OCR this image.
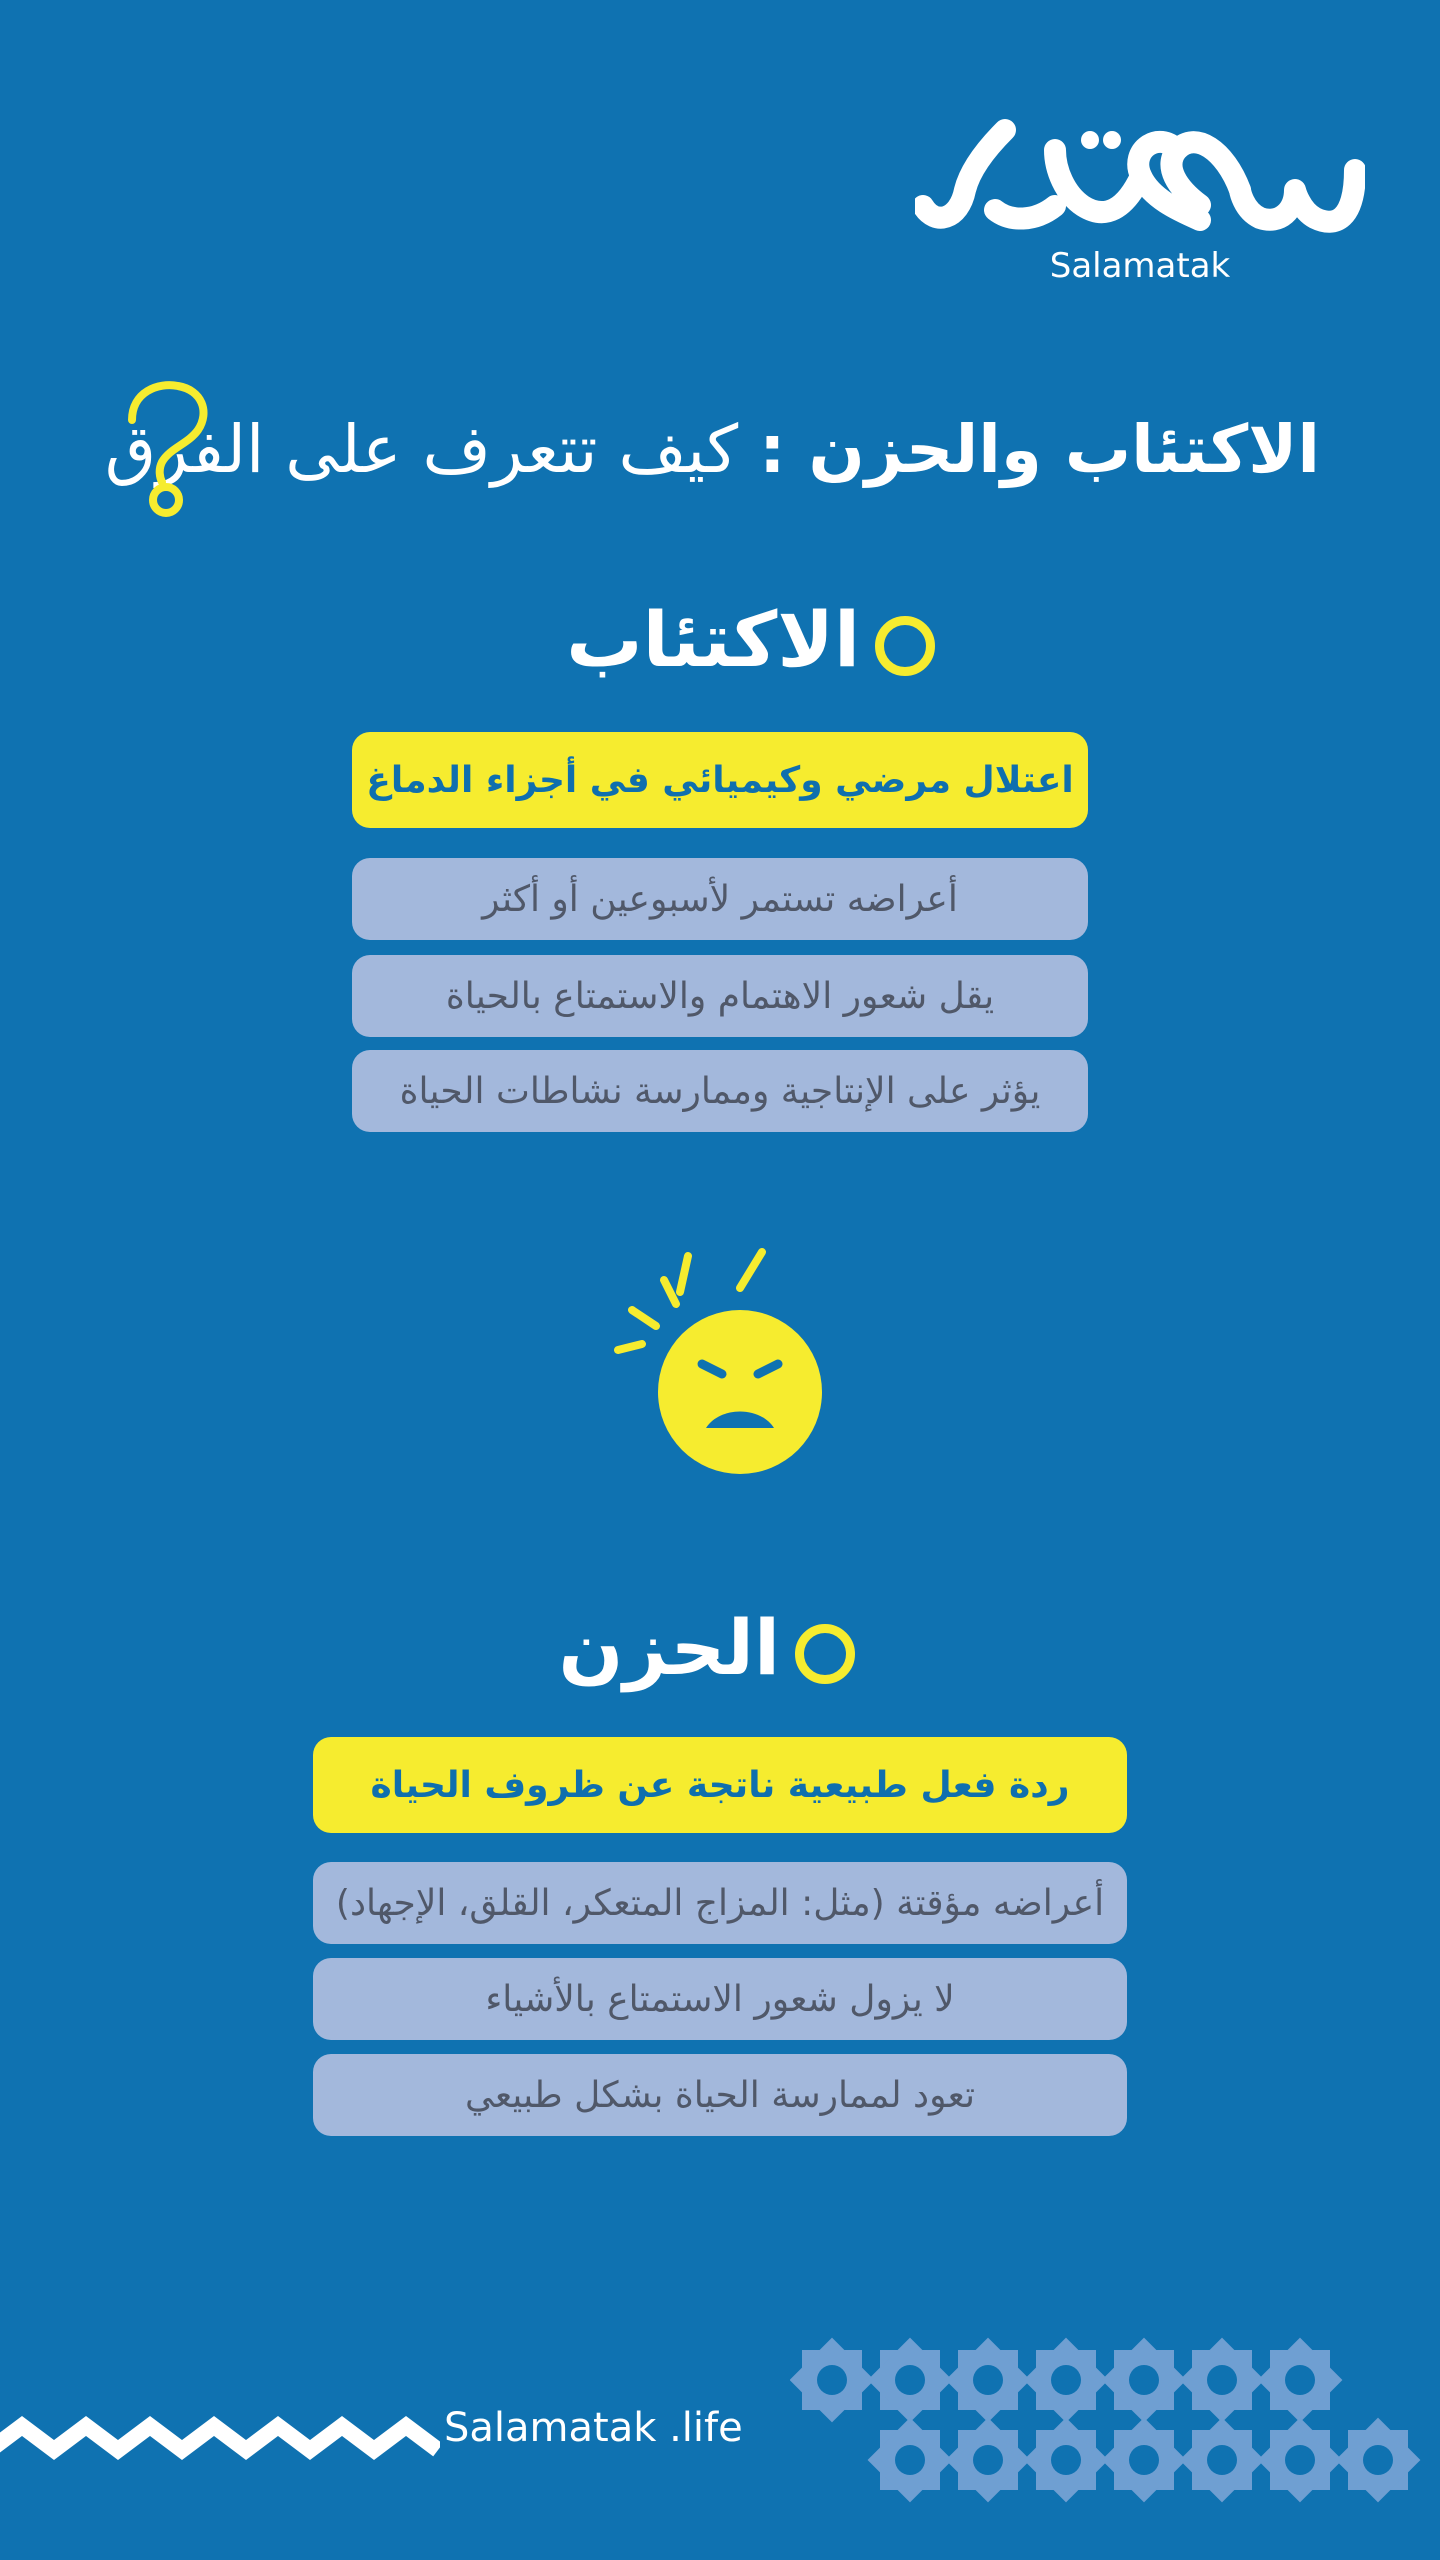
Salamatak
الاكتئاب والحزن : كيف تتعرف على الفرق
الاكتئاب
اعتلال مرضي وكيميائي في أجزاء الدماغ
أعراضه تستمر لأسبوعين أو أكثر
يقل شعور الاهتمام والاستمتاع بالحياة
يؤثر على الإنتاجية وممارسة نشاطات الحياة
الحزن
ردة فعل طبيعية ناتجة عن ظروف الحياة
أعراضه مؤقتة (مثل: المزاج المتعكر، القلق، الإجهاد)
لا يزول شعور الاستمتاع بالأشياء
تعود لممارسة الحياة بشكل طبيعي
Salamatak .life
